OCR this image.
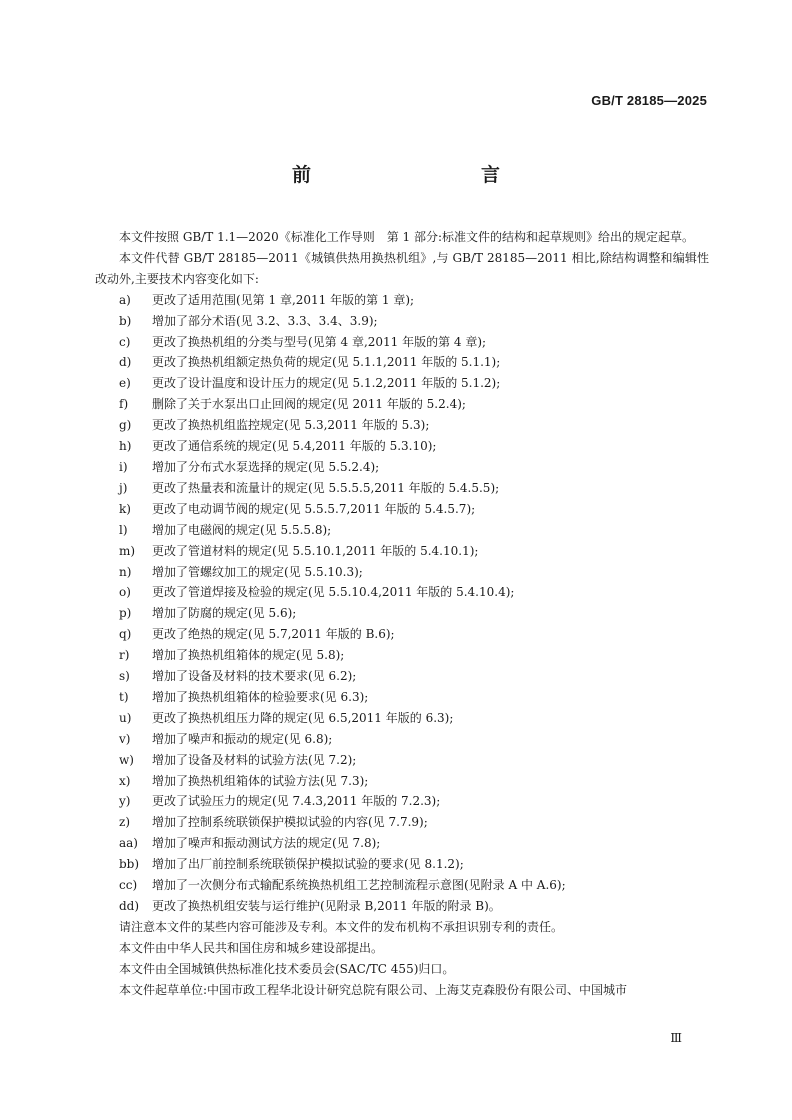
GB/T 28185—2025
前　　言

本文件按照 GB/T 1.1—2020《标准化工作导则　第 1 部分:标准文件的结构和起草规则》给出的规定起草。

本文件代替 GB/T 28185—2011《城镇供热用换热机组》,与 GB/T 28185—2011 相比,除结构调整和编辑性改动外,主要技术内容变化如下:

a)	更改了适用范围(见第 1 章,2011 年版的第 1 章);
b)	增加了部分术语(见 3.2、3.3、3.4、3.9);
c)	更改了换热机组的分类与型号(见第 4 章,2011 年版的第 4 章);
d)	更改了换热机组额定热负荷的规定(见 5.1.1,2011 年版的 5.1.1);
e)	更改了设计温度和设计压力的规定(见 5.1.2,2011 年版的 5.1.2);
f)	删除了关于水泵出口止回阀的规定(见 2011 年版的 5.2.4);
g)	更改了换热机组监控规定(见 5.3,2011 年版的 5.3);
h)	更改了通信系统的规定(见 5.4,2011 年版的 5.3.10);
i)	增加了分布式水泵选择的规定(见 5.5.2.4);
j)	更改了热量表和流量计的规定(见 5.5.5.5,2011 年版的 5.4.5.5);
k)	更改了电动调节阀的规定(见 5.5.5.7,2011 年版的 5.4.5.7);
l)	增加了电磁阀的规定(见 5.5.5.8);
m)	更改了管道材料的规定(见 5.5.10.1,2011 年版的 5.4.10.1);
n)	增加了管螺纹加工的规定(见 5.5.10.3);
o)	更改了管道焊接及检验的规定(见 5.5.10.4,2011 年版的 5.4.10.4);
p)	增加了防腐的规定(见 5.6);
q)	更改了绝热的规定(见 5.7,2011 年版的 B.6);
r)	增加了换热机组箱体的规定(见 5.8);
s)	增加了设备及材料的技术要求(见 6.2);
t)	增加了换热机组箱体的检验要求(见 6.3);
u)	更改了换热机组压力降的规定(见 6.5,2011 年版的 6.3);
v)	增加了噪声和振动的规定(见 6.8);
w)	增加了设备及材料的试验方法(见 7.2);
x)	增加了换热机组箱体的试验方法(见 7.3);
y)	更改了试验压力的规定(见 7.4.3,2011 年版的 7.2.3);
z)	增加了控制系统联锁保护模拟试验的内容(见 7.7.9);
aa)	增加了噪声和振动测试方法的规定(见 7.8);
bb)	增加了出厂前控制系统联锁保护模拟试验的要求(见 8.1.2);
cc)	增加了一次侧分布式输配系统换热机组工艺控制流程示意图(见附录 A 中 A.6);
dd)	更改了换热机组安装与运行维护(见附录 B,2011 年版的附录 B)。

请注意本文件的某些内容可能涉及专利。本文件的发布机构不承担识别专利的责任。

本文件由中华人民共和国住房和城乡建设部提出。

本文件由全国城镇供热标准化技术委员会(SAC/TC 455)归口。

本文件起草单位:中国市政工程华北设计研究总院有限公司、上海艾克森股份有限公司、中国城市

Ⅲ
